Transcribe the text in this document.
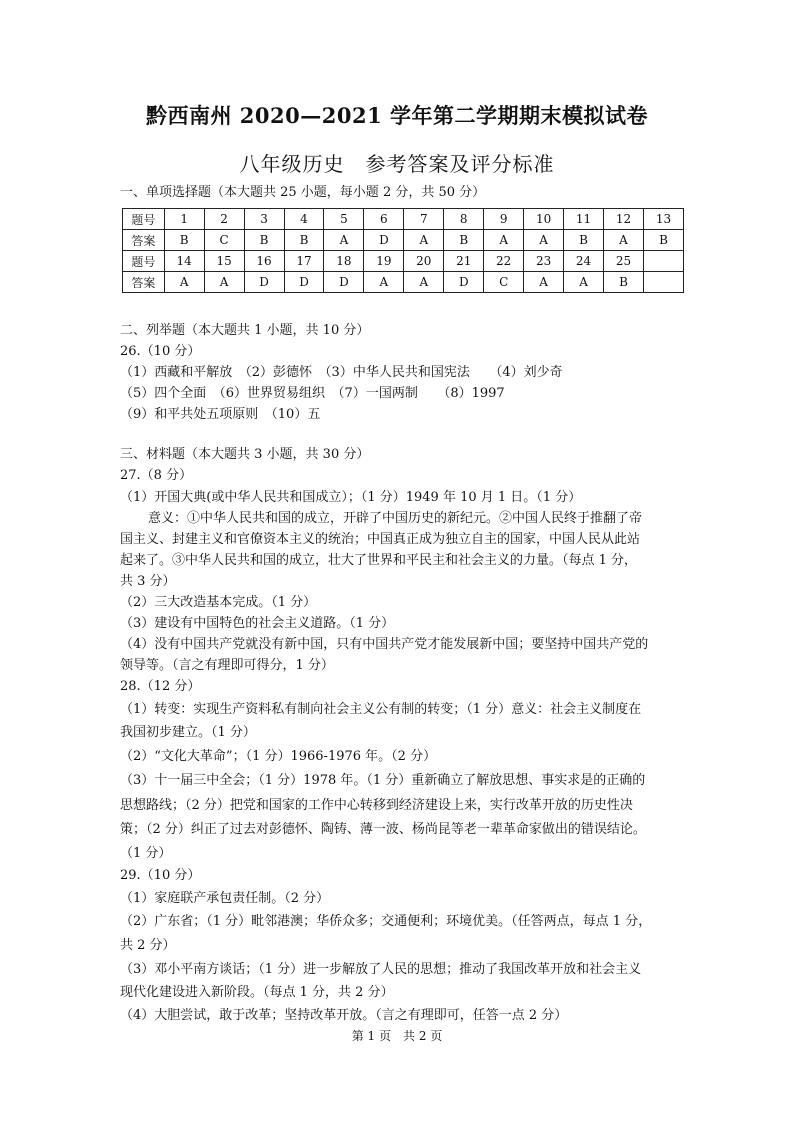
黔西南州 2020—2021 学年第二学期期末模拟试卷
八年级历史　参考答案及评分标准
一、单项选择题（本大题共 25 小题，每小题 2 分，共 50 分）
题号	1	2	3	4	5	6	7	8	9	10	11	12	13
答案	B	C	B	B	A	D	A	B	A	A	B	A	B
题号	14	15	16	17	18	19	20	21	22	23	24	25	
答案	A	A	D	D	D	A	A	D	C	A	A	B	
二、列举题（本大题共 1 小题，共 10 分）
26.（10 分）
（1）西藏和平解放　（2）彭德怀　（3）中华人民共和国宪法　　（4）刘少奇
（5）四个全面　（6）世界贸易组织　（7）一国两制　　（8）1997
（9）和平共处五项原则　（10）五
三、材料题（本大题共 3 小题，共 30 分）
27.（8 分）
（1）开国大典(或中华人民共和国成立）；（1 分）1949 年 10 月 1 日。（1 分）
意义：①中华人民共和国的成立，开辟了中国历史的新纪元。②中国人民终于推翻了帝
国主义、封建主义和官僚资本主义的统治；中国真正成为独立自主的国家，中国人民从此站
起来了。③中华人民共和国的成立，壮大了世界和平民主和社会主义的力量。（每点 1 分，
共 3 分）
（2）三大改造基本完成。（1 分）
（3）建设有中国特色的社会主义道路。（1 分）
（4）没有中国共产党就没有新中国，只有中国共产党才能发展新中国；要坚持中国共产党的
领导等。（言之有理即可得分，1 分）
28.（12 分）
（1）转变：实现生产资料私有制向社会主义公有制的转变；（1 分）意义：社会主义制度在
我国初步建立。（1 分）
（2）“文化大革命”；（1 分）1966-1976 年。（2 分）
（3）十一届三中全会；（1 分）1978 年。（1 分）重新确立了解放思想、事实求是的正确的
思想路线；（2 分）把党和国家的工作中心转移到经济建设上来，实行改革开放的历史性决
策；（2 分）纠正了过去对彭德怀、陶铸、薄一波、杨尚昆等老一辈革命家做出的错误结论。
（1 分）
29.（10 分）
（1）家庭联产承包责任制。（2 分）
（2）广东省；（1 分）毗邻港澳；华侨众多；交通便利；环境优美。（任答两点，每点 1 分，
共 2 分）
（3）邓小平南方谈话；（1 分）进一步解放了人民的思想；推动了我国改革开放和社会主义
现代化建设进入新阶段。（每点 1 分，共 2 分）
（4）大胆尝试，敢于改革；坚持改革开放。（言之有理即可，任答一点 2 分）
第 1 页　共 2 页
